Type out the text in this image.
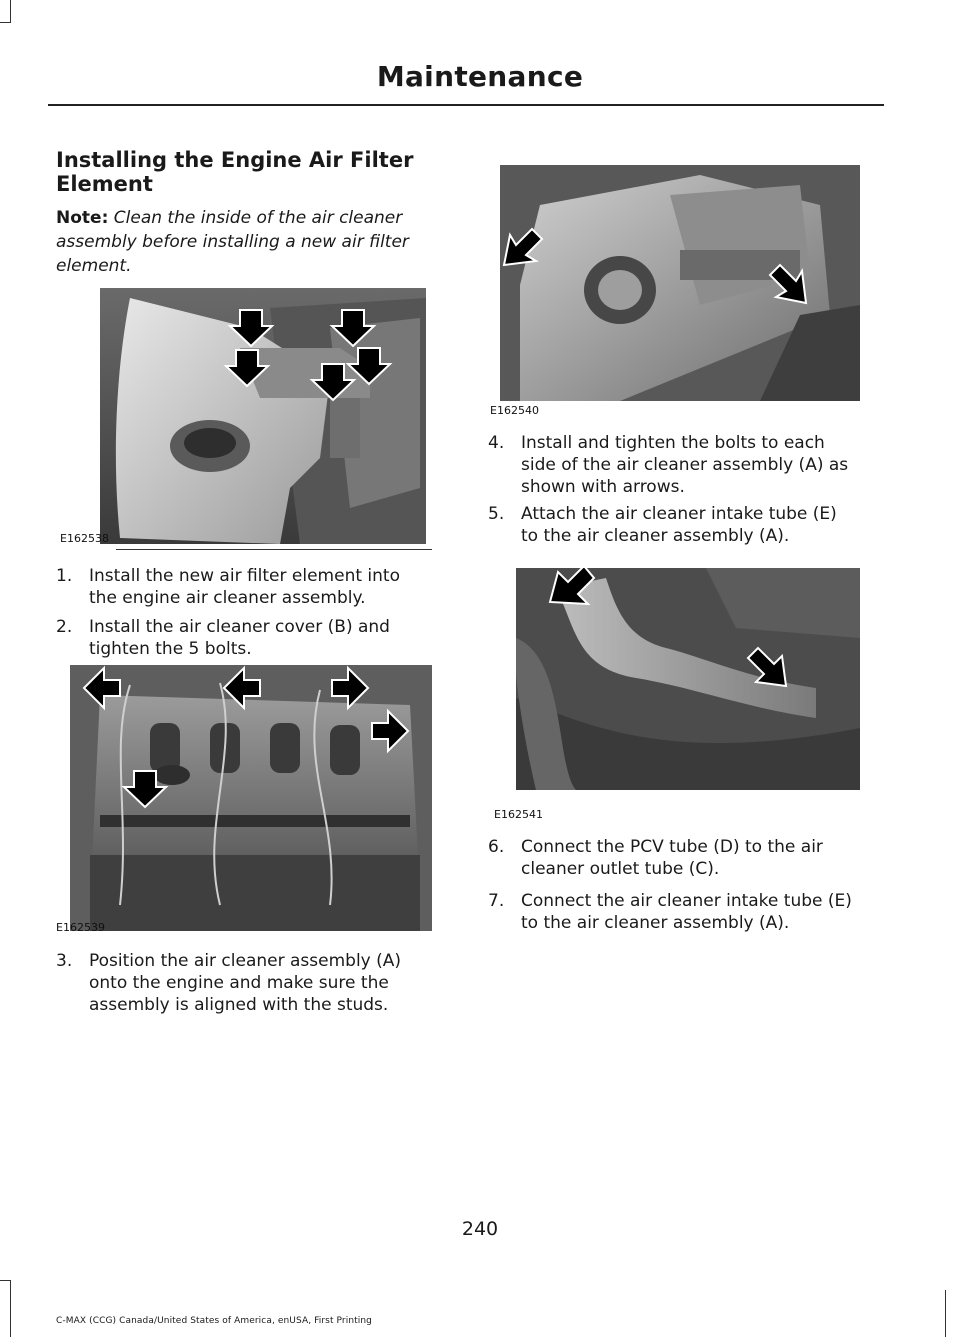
Maintenance
Installing the Engine Air Filter Element
Note: Clean the inside of the air cleaner assembly before installing a new air filter element.
E162538
1. Install the new air filter element into
the engine air cleaner assembly.
2. Install the air cleaner cover (B) and
tighten the 5 bolts.
E162539
3. Position the air cleaner assembly (A)
onto the engine and make sure the
assembly is aligned with the studs.
E162540
4. Install and tighten the bolts to each
side of the air cleaner assembly (A) as
shown with arrows.
5. Attach the air cleaner intake tube (E)
to the air cleaner assembly (A).
E162541
6. Connect the PCV tube (D) to the air
cleaner outlet tube (C).
7. Connect the air cleaner intake tube (E)
to the air cleaner assembly (A).
240
C-MAX (CCG) Canada/United States of America, enUSA, First Printing
